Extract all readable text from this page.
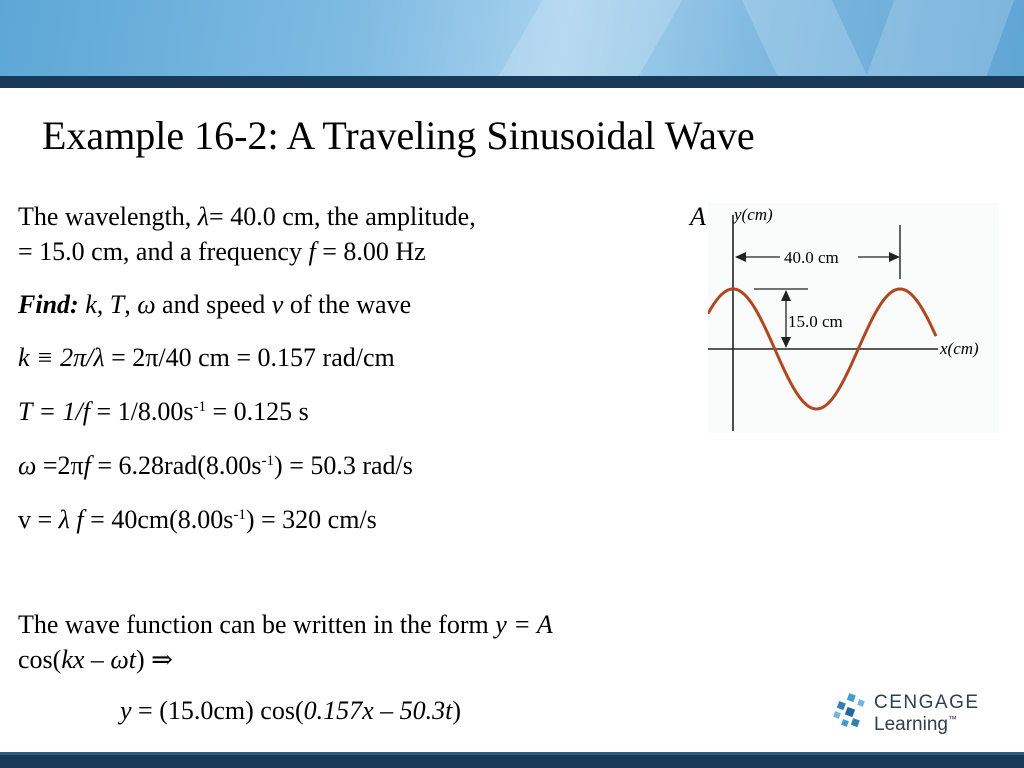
Example 16-2: A Traveling Sinusoidal Wave
The wavelength, λ= 40.0 cm, the amplitude,	A
= 15.0 cm, and a frequency f = 8.00 Hz
Find: k, T, ω and speed v of the wave
k ≡ 2π/λ = 2π/40 cm = 0.157 rad/cm
$T = 1/f = 1/8.00s^{-1} = 0.125$ s
$\omega =2\pi f = 6.28rad(8.00s^{-1}) = 50.3$ rad/s
v = λ $f = 40cm(8.00s^{-1}) = 320$ cm/s
The wave function can be written in the form y = A
cos(kx – ωt) ⇒
y = (15.0cm) cos(0.157x – 50.3t)
y(cm)
x(cm)
40.0 cm
15.0 cm
CENGAGE
Learning™
